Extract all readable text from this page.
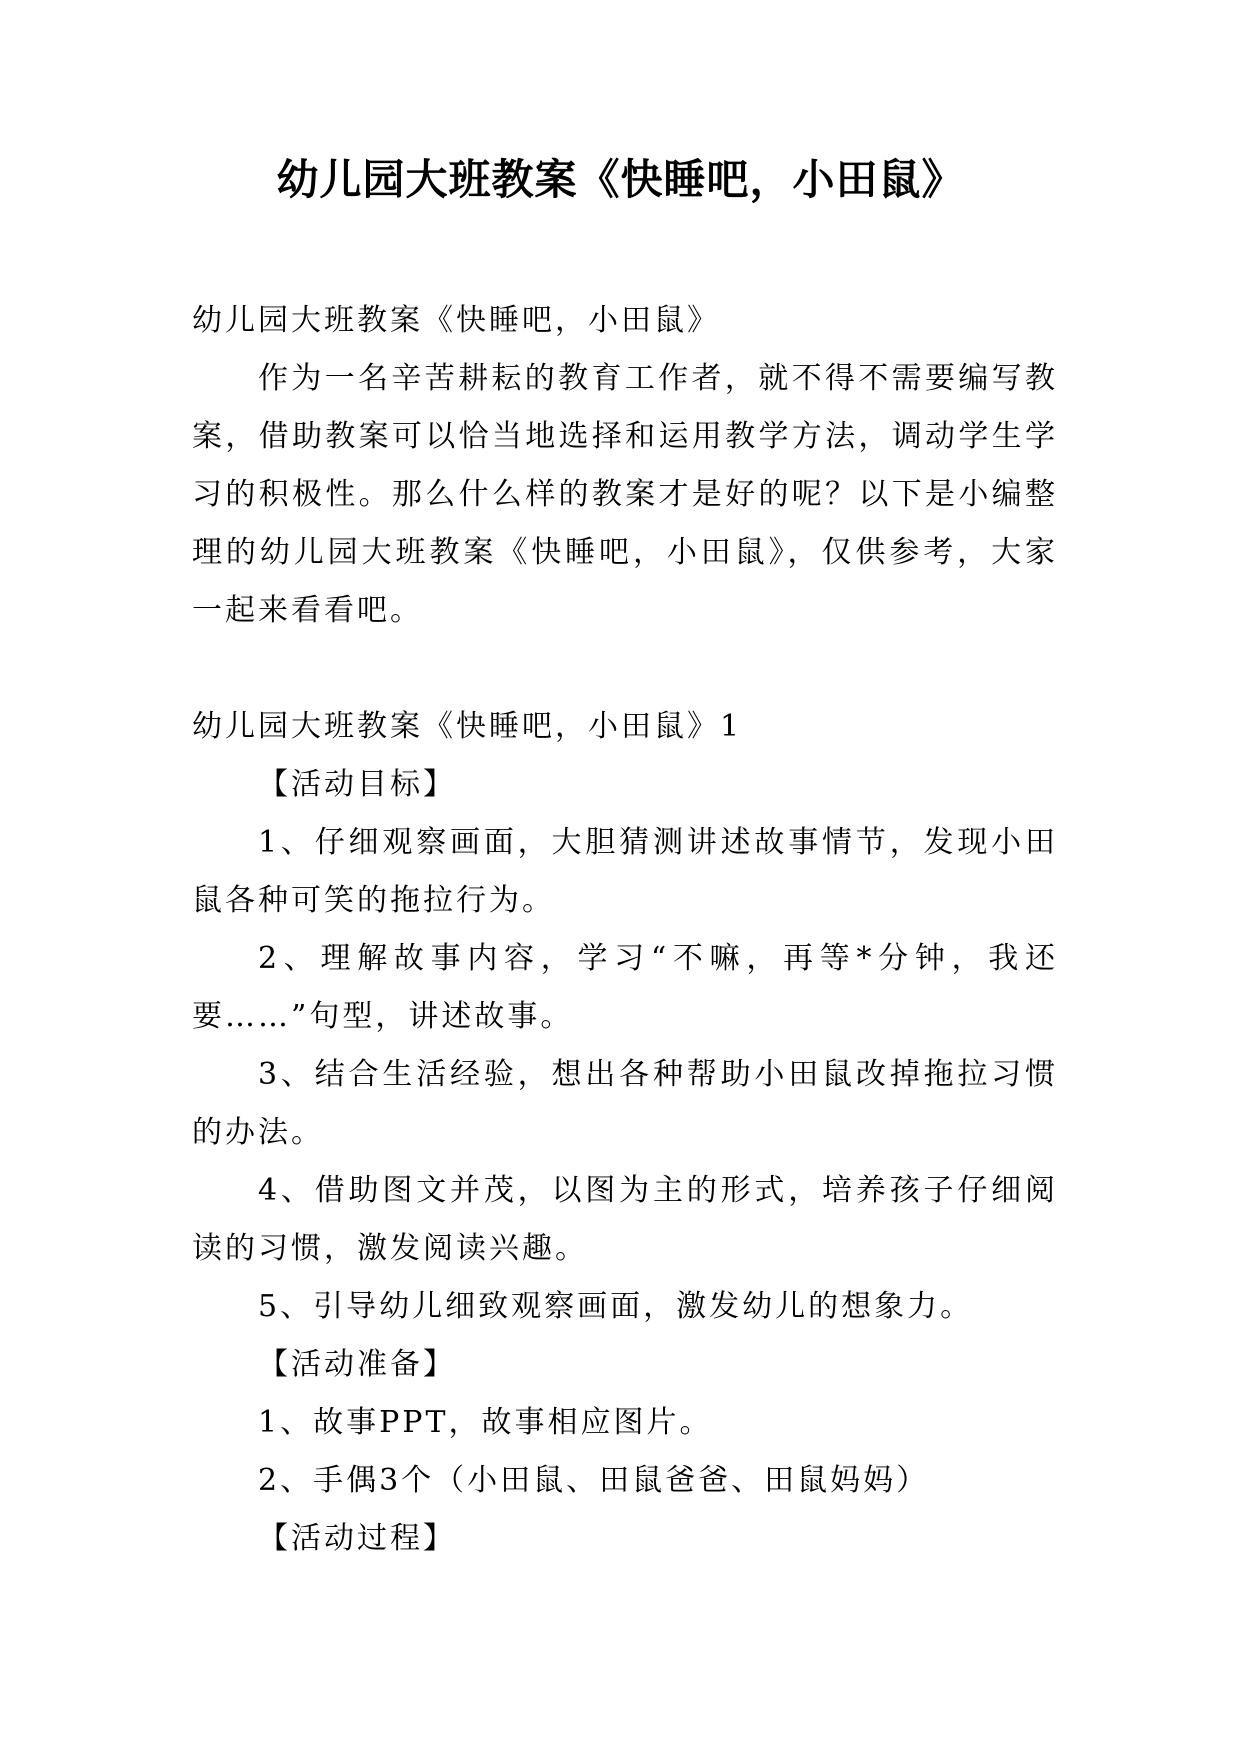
幼儿园大班教案《快睡吧，小田鼠》
幼儿园大班教案《快睡吧，小田鼠》
作为一名辛苦耕耘的教育工作者，就不得不需要编写教
案，借助教案可以恰当地选择和运用教学方法，调动学生学
习的积极性。那么什么样的教案才是好的呢？以下是小编整
理的幼儿园大班教案《快睡吧，小田鼠》，仅供参考，大家
一起来看看吧。
幼儿园大班教案《快睡吧，小田鼠》1
【活动目标】
1、仔细观察画面，大胆猜测讲述故事情节，发现小田
鼠各种可笑的拖拉行为。
2、理解故事内容，学习“不嘛，再等*分钟，我还
要……”句型，讲述故事。
3、结合生活经验，想出各种帮助小田鼠改掉拖拉习惯
的办法。
4、借助图文并茂，以图为主的形式，培养孩子仔细阅
读的习惯，激发阅读兴趣。
5、引导幼儿细致观察画面，激发幼儿的想象力。
【活动准备】
1、故事PPT，故事相应图片。
2、手偶3个（小田鼠、田鼠爸爸、田鼠妈妈）
【活动过程】
